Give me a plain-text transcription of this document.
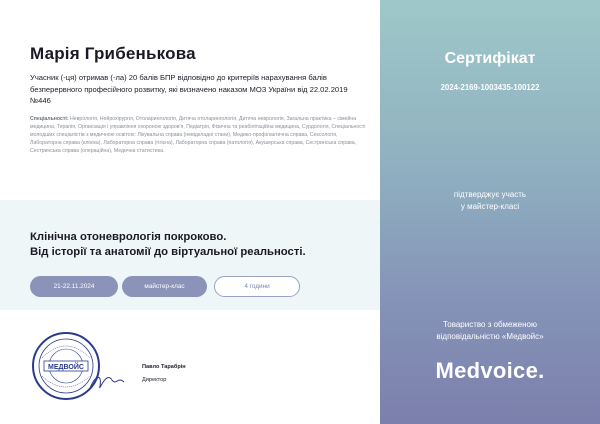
Марія Грибенькова
Учасник (-ця) отримав (-ла) 20 балів БПР відповідно до критеріїв нарахування балів безперервного професійного розвитку, які визначено наказом МОЗ України від 22.02.2019 №446
Спеціальності: Неврологія, Нейрохірургія, Отоларингологія, Дитяча отоларингологія, Дитяча неврологія, Загальна практика – сімейна медицина, Терапія, Організація і управління охороною здоров'я, Педіатрія, Фізична та реабілітаційна медицина, Сурдологія, Спеціальності молодших спеціалістів з медичною освітою: Лікувальна справа (невідкладні стани), Медико-профілактична справа, Сексологія, Лабораторна справа (клініка), Лабораторна справа (гігієна), Лабораторна справа (патологія), Акушерська справа, Сестринська справа, Сестринська справа (операційна), Медична статистика.
Клінічна отоневрологія покроково.
Від історії та анатомії до віртуальної реальності.
21-22.11.2024	майстер-клас	4 години
МЕДВОЙС	Павло Тарабрін
Директор
Сертифікат
2024-2169-1003435-100122
підтверджує участь
у майстер-класі
Товариство з обмеженою
відповідальністю «Медвойс»
Medvoice.
